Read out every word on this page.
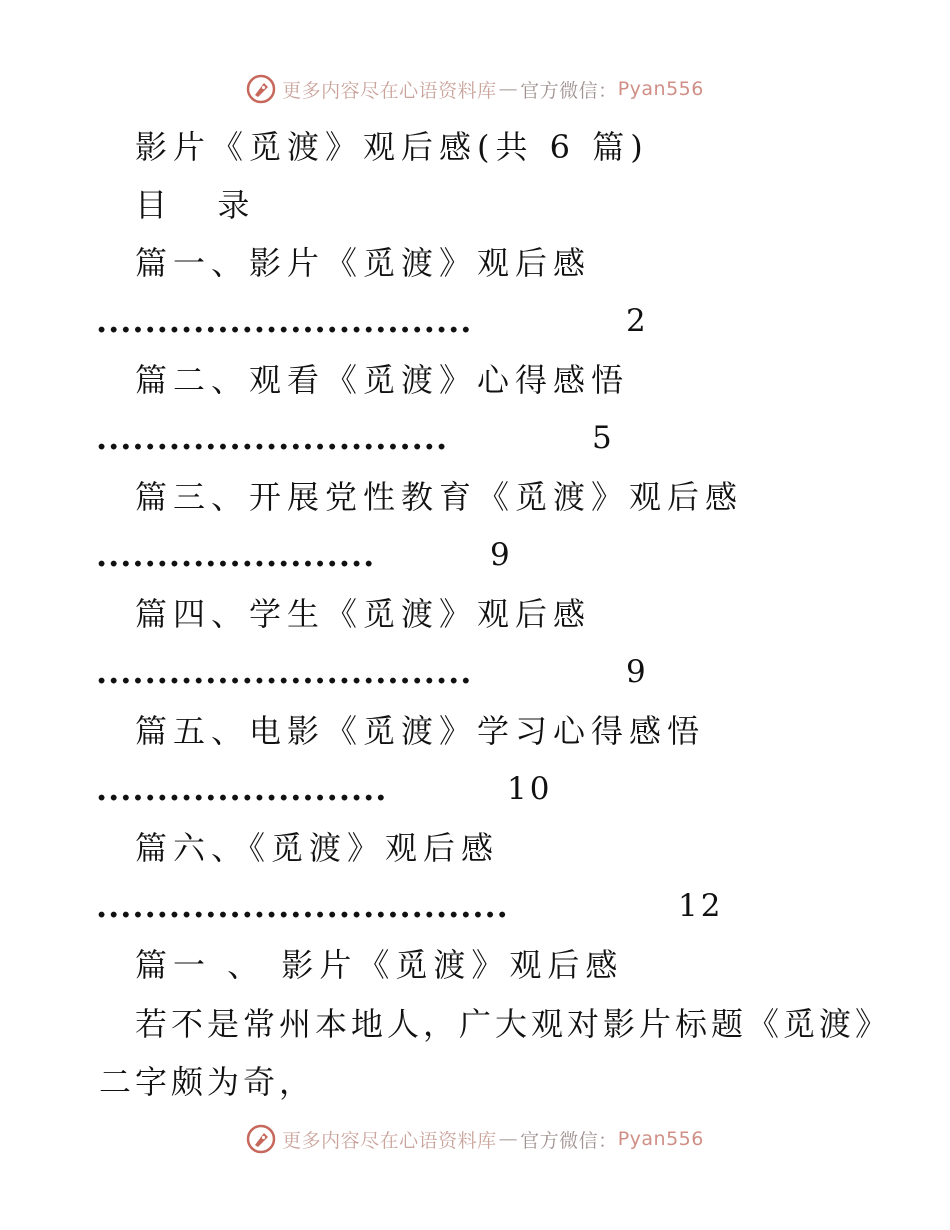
更多内容尽在心语资料库 — 官方微信： Pyan556
影片《觅渡》观后感(共 6 篇)
目  录
篇一、影片《觅渡》观后感
...............................	2
篇二、观看《觅渡》心得感悟
.............................	5
篇三、开展党性教育《觅渡》观后感
.......................	9
篇四、学生《觅渡》观后感
...............................	9
篇五、电影《觅渡》学习心得感悟
........................	10
篇六、《觅渡》观后感
..................................	12
篇一 、 影片《觅渡》观后感
若不是常州本地人，广大观对影片标题《觅渡》
二字颇为奇，
更多内容尽在心语资料库 — 官方微信： Pyan556
